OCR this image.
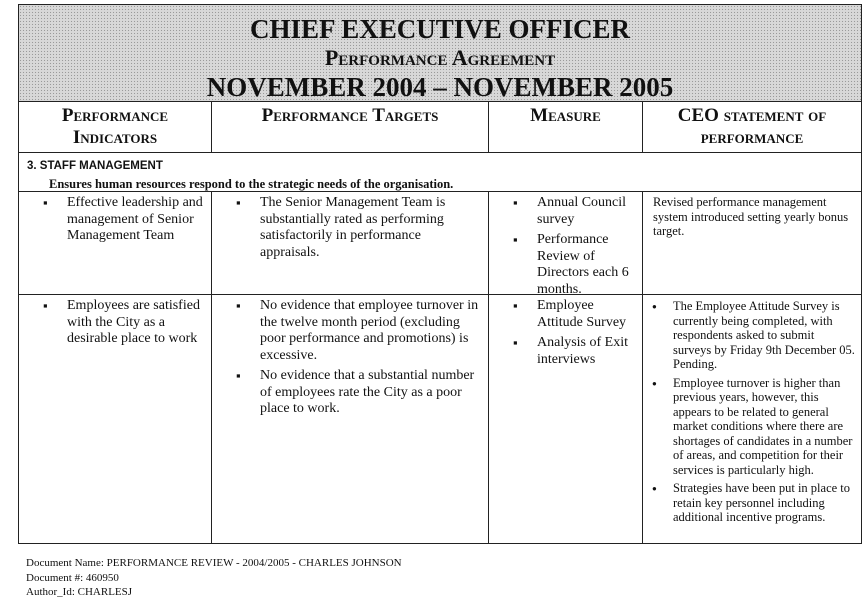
CHIEF EXECUTIVE OFFICER
Performance Agreement
NOVEMBER 2004 – NOVEMBER 2005
Performance Indicators
Performance Targets	Measure	CEO statement of performance
3. STAFF MANAGEMENT
Ensures human resources respond to the strategic needs of the organisation.
▪ Effective leadership and management of Senior Management Team
▪ The Senior Management Team is substantially rated as performing satisfactorily in performance appraisals.
▪ Annual Council survey
▪ Performance Review of Directors each 6 months.
Revised performance management system introduced setting yearly bonus target.
▪ Employees are satisfied with the City as a desirable place to work
▪ No evidence that employee turnover in the twelve month period (excluding poor performance and promotions) is excessive.
▪ No evidence that a substantial number of employees rate the City as a poor place to work.
▪ Employee Attitude Survey
▪ Analysis of Exit interviews
● The Employee Attitude Survey is currently being completed, with respondents asked to submit surveys by Friday 9th December 05. Pending.
● Employee turnover is higher than previous years, however, this appears to be related to general market conditions where there are shortages of candidates in a number of areas, and competition for their services is particularly high.
● Strategies have been put in place to retain key personnel including additional incentive programs.
Document Name: PERFORMANCE REVIEW - 2004/2005 - CHARLES JOHNSON
Document #: 460950
Author_Id: CHARLESJ
